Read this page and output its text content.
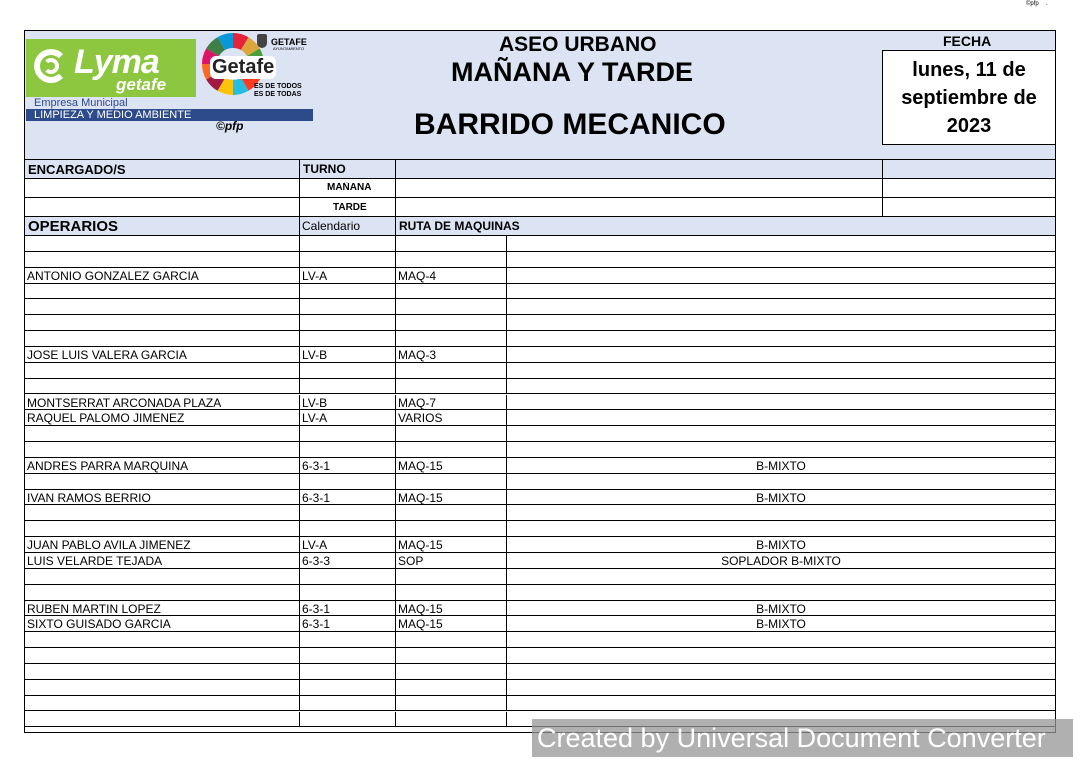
©pfp .
Lyma
getafe
GETAFE
AYUNTAMIENTO
Getafe
ES DE TODOS
ES DE TODAS
Empresa Municipal
LIMPIEZA Y MEDIO AMBIENTE
©pfp
ASEO URBANO
MAÑANA Y TARDE
BARRIDO MECANICO
FECHA
lunes, 11 de septiembre de 2023
ENCARGADO/S	TURNO
MAÑANA
TARDE
OPERARIOS	Calendario	RUTA DE MAQUINAS
ANTONIO GONZALEZ GARCIA	LV-A	MAQ-4
JOSE LUIS VALERA GARCIA	LV-B	MAQ-3
MONTSERRAT ARCONADA PLAZA	LV-B	MAQ-7
RAQUEL PALOMO JIMENEZ	LV-A	VARIOS
ANDRES PARRA MARQUINA	6-3-1	MAQ-15	B-MIXTO
IVAN RAMOS BERRIO	6-3-1	MAQ-15	B-MIXTO
JUAN PABLO AVILA JIMENEZ	LV-A	MAQ-15	B-MIXTO
LUIS VELARDE TEJADA	6-3-3	SOP	SOPLADOR B-MIXTO
RUBEN MARTIN LOPEZ	6-3-1	MAQ-15	B-MIXTO
SIXTO GUISADO GARCIA	6-3-1	MAQ-15	B-MIXTO
Created by Universal Document Converter
